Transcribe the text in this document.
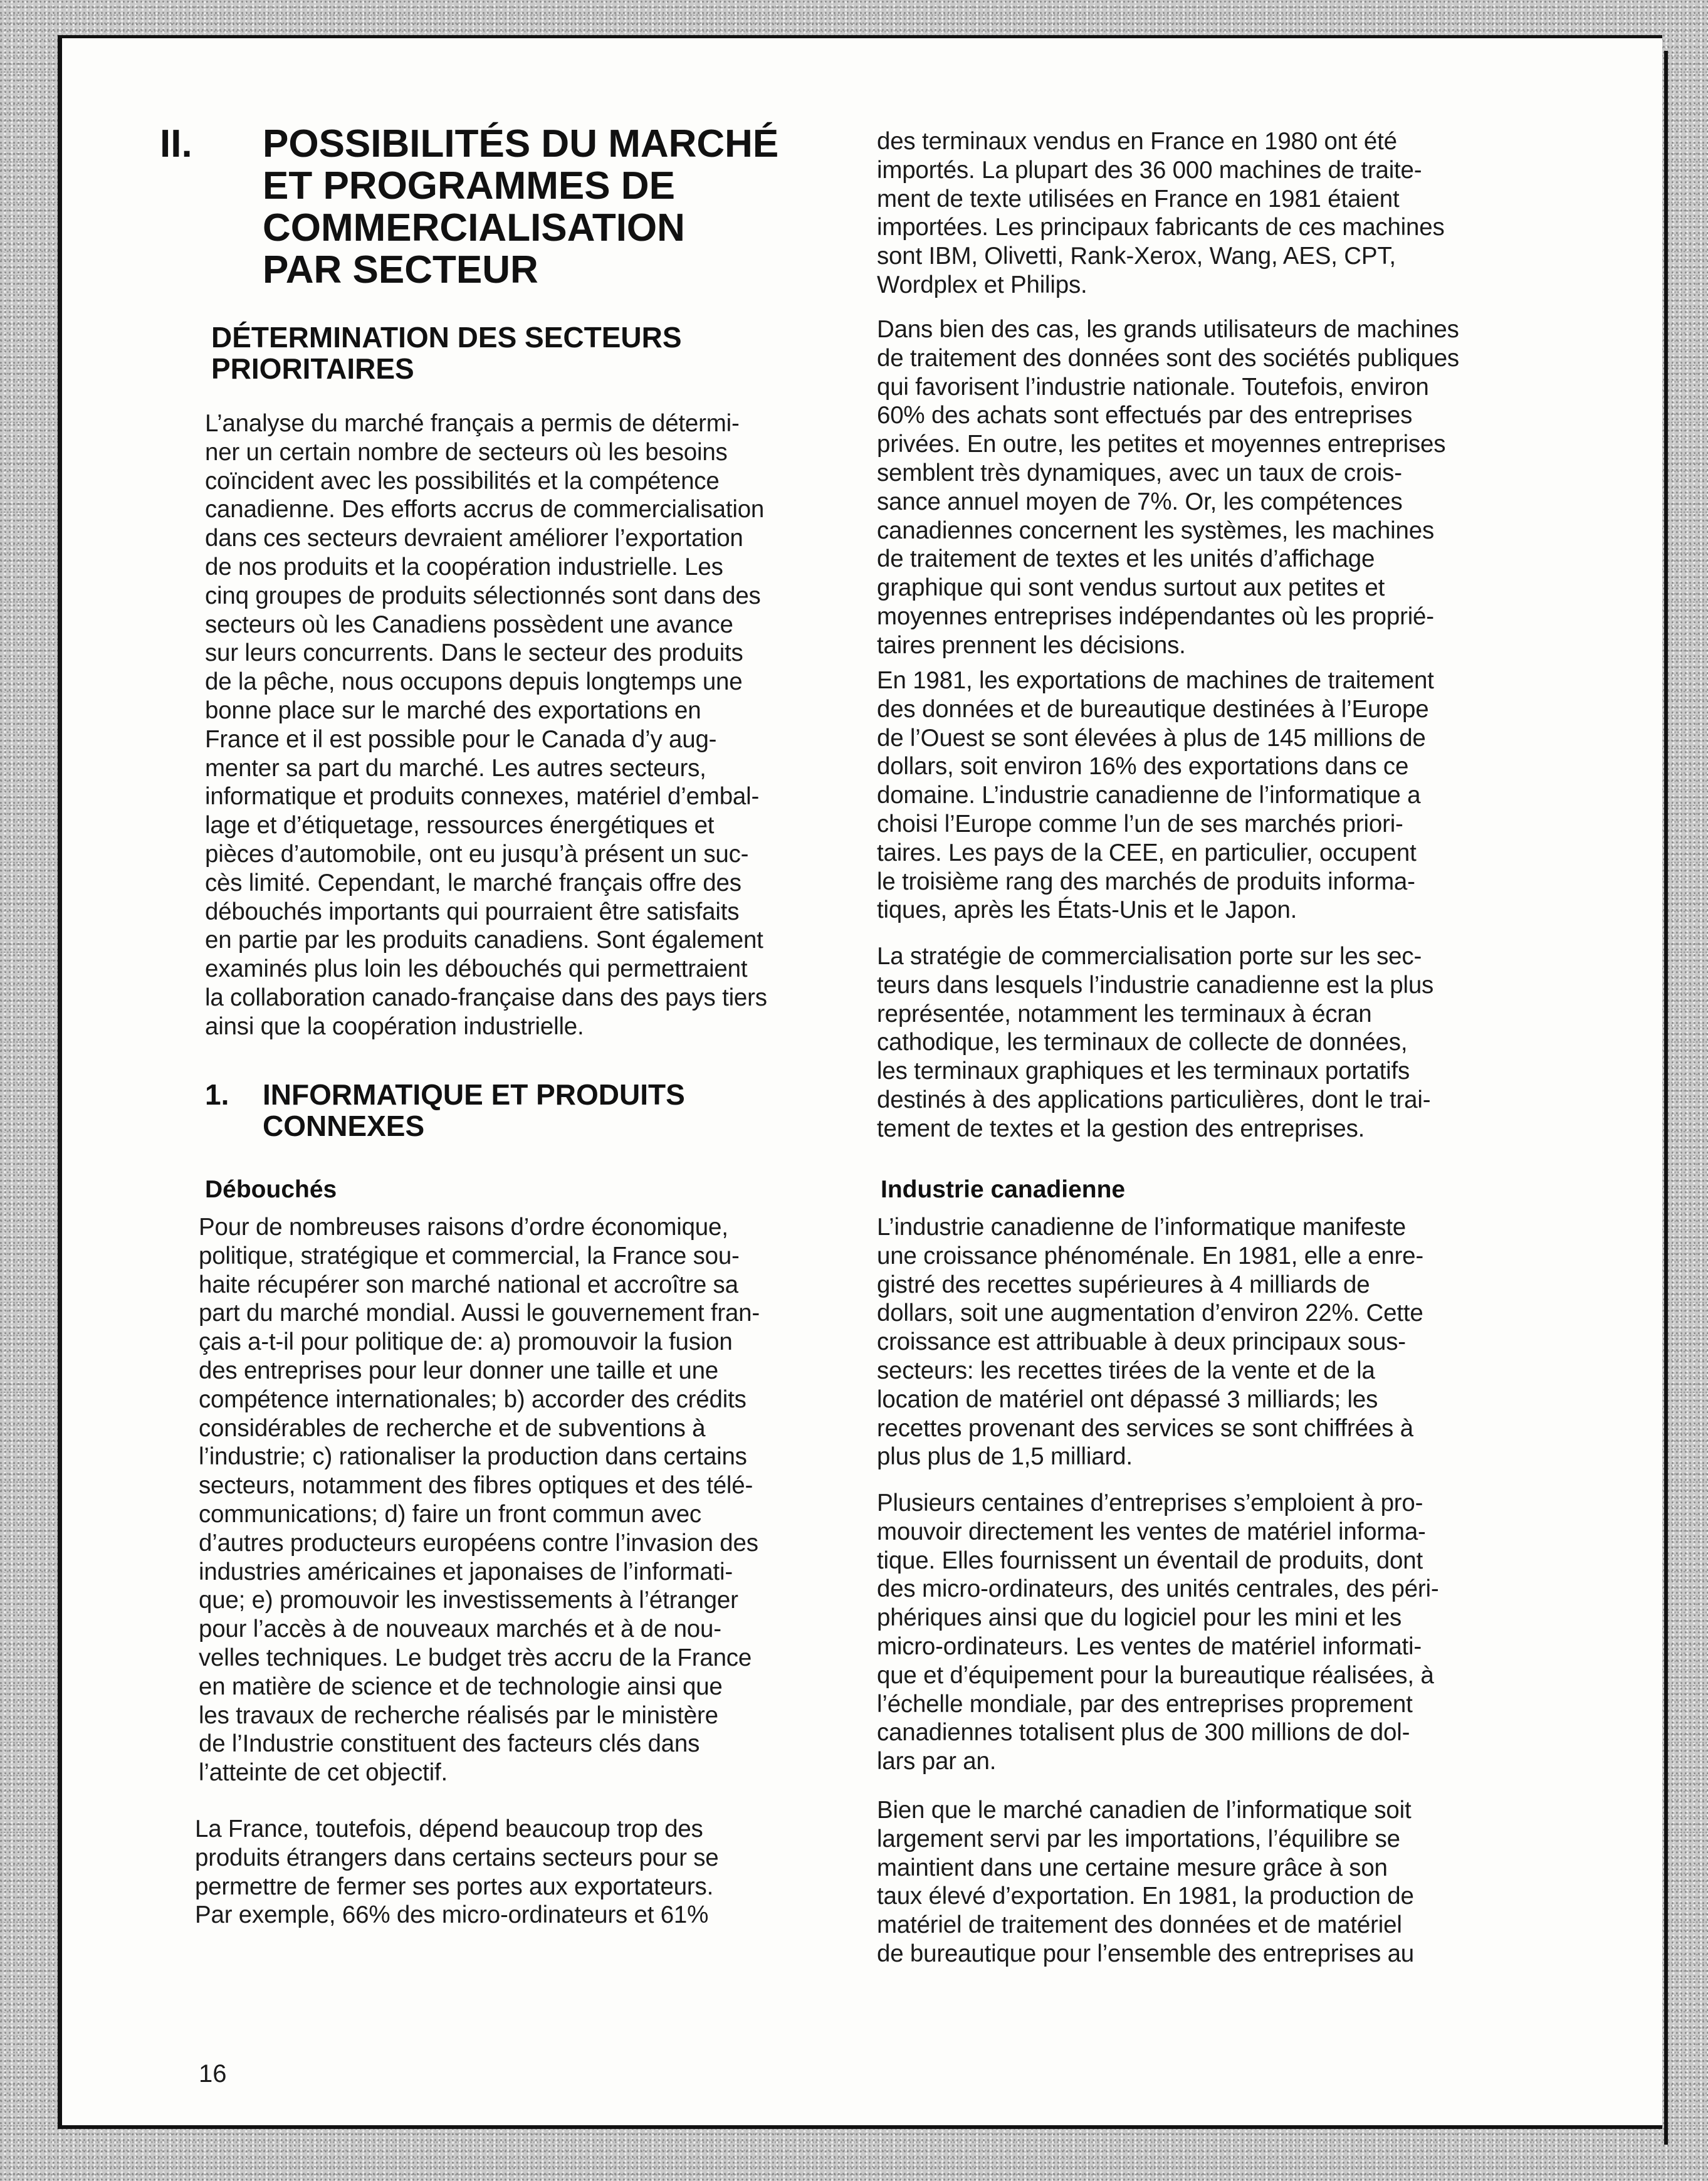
II. POSSIBILITÉS DU MARCHÉ
ET PROGRAMMES DE
COMMERCIALISATION
PAR SECTEUR
DÉTERMINATION DES SECTEURS
PRIORITAIRES

L’analyse du marché français a permis de détermi-
ner un certain nombre de secteurs où les besoins
coïncident avec les possibilités et la compétence
canadienne. Des efforts accrus de commercialisation
dans ces secteurs devraient améliorer l’exportation
de nos produits et la coopération industrielle. Les
cinq groupes de produits sélectionnés sont dans des
secteurs où les Canadiens possèdent une avance
sur leurs concurrents. Dans le secteur des produits
de la pêche, nous occupons depuis longtemps une
bonne place sur le marché des exportations en
France et il est possible pour le Canada d’y aug-
menter sa part du marché. Les autres secteurs,
informatique et produits connexes, matériel d’embal-
lage et d’étiquetage, ressources énergétiques et
pièces d’automobile, ont eu jusqu’à présent un suc-
cès limité. Cependant, le marché français offre des
débouchés importants qui pourraient être satisfaits
en partie par les produits canadiens. Sont également
examinés plus loin les débouchés qui permettraient
la collaboration canado-française dans des pays tiers
ainsi que la coopération industrielle.

1. INFORMATIQUE ET PRODUITS
CONNEXES
Débouchés

Pour de nombreuses raisons d’ordre économique,
politique, stratégique et commercial, la France sou-
haite récupérer son marché national et accroître sa
part du marché mondial. Aussi le gouvernement fran-
çais a-t-il pour politique de: a) promouvoir la fusion
des entreprises pour leur donner une taille et une
compétence internationales; b) accorder des crédits
considérables de recherche et de subventions à
l’industrie; c) rationaliser la production dans certains
secteurs, notamment des fibres optiques et des télé-
communications; d) faire un front commun avec
d’autres producteurs européens contre l’invasion des
industries américaines et japonaises de l’informati-
que; e) promouvoir les investissements à l’étranger
pour l’accès à de nouveaux marchés et à de nou-
velles techniques. Le budget très accru de la France
en matière de science et de technologie ainsi que
les travaux de recherche réalisés par le ministère
de l’Industrie constituent des facteurs clés dans
l’atteinte de cet objectif.

La France, toutefois, dépend beaucoup trop des
produits étrangers dans certains secteurs pour se
permettre de fermer ses portes aux exportateurs.
Par exemple, 66% des micro-ordinateurs et 61%

des terminaux vendus en France en 1980 ont été
importés. La plupart des 36 000 machines de traite-
ment de texte utilisées en France en 1981 étaient
importées. Les principaux fabricants de ces machines
sont IBM, Olivetti, Rank-Xerox, Wang, AES, CPT,
Wordplex et Philips.

Dans bien des cas, les grands utilisateurs de machines
de traitement des données sont des sociétés publiques
qui favorisent l’industrie nationale. Toutefois, environ
60% des achats sont effectués par des entreprises
privées. En outre, les petites et moyennes entreprises
semblent très dynamiques, avec un taux de crois-
sance annuel moyen de 7%. Or, les compétences
canadiennes concernent les systèmes, les machines
de traitement de textes et les unités d’affichage
graphique qui sont vendus surtout aux petites et
moyennes entreprises indépendantes où les proprié-
taires prennent les décisions.

En 1981, les exportations de machines de traitement
des données et de bureautique destinées à l’Europe
de l’Ouest se sont élevées à plus de 145 millions de
dollars, soit environ 16% des exportations dans ce
domaine. L’industrie canadienne de l’informatique a
choisi l’Europe comme l’un de ses marchés priori-
taires. Les pays de la CEE, en particulier, occupent
le troisième rang des marchés de produits informa-
tiques, après les États-Unis et le Japon.

La stratégie de commercialisation porte sur les sec-
teurs dans lesquels l’industrie canadienne est la plus
représentée, notamment les terminaux à écran
cathodique, les terminaux de collecte de données,
les terminaux graphiques et les terminaux portatifs
destinés à des applications particulières, dont le trai-
tement de textes et la gestion des entreprises.

Industrie canadienne

L’industrie canadienne de l’informatique manifeste
une croissance phénoménale. En 1981, elle a enre-
gistré des recettes supérieures à 4 milliards de
dollars, soit une augmentation d’environ 22%. Cette
croissance est attribuable à deux principaux sous-
secteurs: les recettes tirées de la vente et de la
location de matériel ont dépassé 3 milliards; les
recettes provenant des services se sont chiffrées à
plus plus de 1,5 milliard.

Plusieurs centaines d’entreprises s’emploient à pro-
mouvoir directement les ventes de matériel informa-
tique. Elles fournissent un éventail de produits, dont
des micro-ordinateurs, des unités centrales, des péri-
phériques ainsi que du logiciel pour les mini et les
micro-ordinateurs. Les ventes de matériel informati-
que et d’équipement pour la bureautique réalisées, à
l’échelle mondiale, par des entreprises proprement
canadiennes totalisent plus de 300 millions de dol-
lars par an.

Bien que le marché canadien de l’informatique soit
largement servi par les importations, l’équilibre se
maintient dans une certaine mesure grâce à son
taux élevé d’exportation. En 1981, la production de
matériel de traitement des données et de matériel
de bureautique pour l’ensemble des entreprises au

16
